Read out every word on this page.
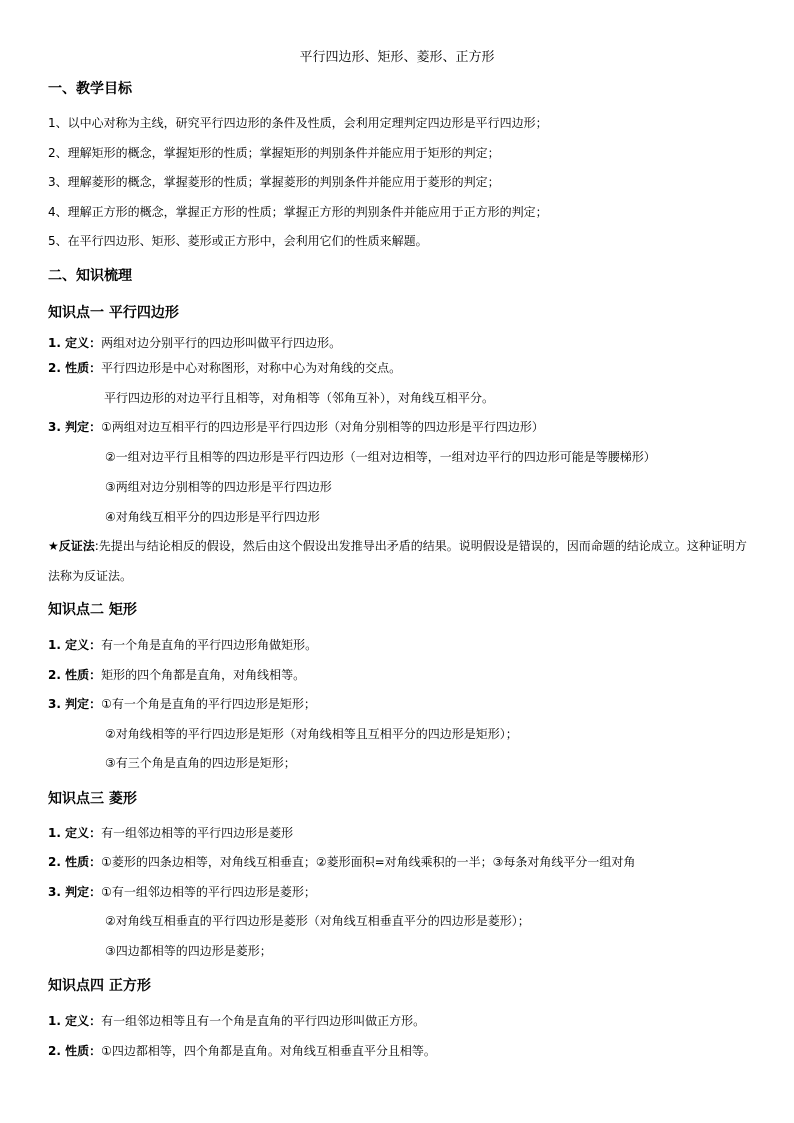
平行四边形、矩形、菱形、正方形
一、教学目标
1、以中心对称为主线，研究平行四边形的条件及性质，会利用定理判定四边形是平行四边形；
2、理解矩形的概念，掌握矩形的性质；掌握矩形的判别条件并能应用于矩形的判定；
3、理解菱形的概念，掌握菱形的性质；掌握菱形的判别条件并能应用于菱形的判定；
4、理解正方形的概念，掌握正方形的性质；掌握正方形的判别条件并能应用于正方形的判定；
5、在平行四边形、矩形、菱形或正方形中，会利用它们的性质来解题。
二、知识梳理
知识点一 平行四边形
1. 定义：两组对边分别平行的四边形叫做平行四边形。
2. 性质：平行四边形是中心对称图形，对称中心为对角线的交点。
平行四边形的对边平行且相等，对角相等（邻角互补），对角线互相平分。
3. 判定：①两组对边互相平行的四边形是平行四边形（对角分别相等的四边形是平行四边形）
②一组对边平行且相等的四边形是平行四边形（一组对边相等，一组对边平行的四边形可能是等腰梯形）
③两组对边分别相等的四边形是平行四边形
④对角线互相平分的四边形是平行四边形
★反证法:先提出与结论相反的假设，然后由这个假设出发推导出矛盾的结果。说明假设是错误的，因而命题的结论成立。这种证明方法称为反证法。
知识点二 矩形
1. 定义：有一个角是直角的平行四边形角做矩形。
2. 性质：矩形的四个角都是直角，对角线相等。
3. 判定：①有一个角是直角的平行四边形是矩形；
②对角线相等的平行四边形是矩形（对角线相等且互相平分的四边形是矩形）；
③有三个角是直角的四边形是矩形；
知识点三 菱形
1. 定义：有一组邻边相等的平行四边形是菱形
2. 性质：①菱形的四条边相等，对角线互相垂直；②菱形面积=对角线乘积的一半；③每条对角线平分一组对角
3. 判定：①有一组邻边相等的平行四边形是菱形；
②对角线互相垂直的平行四边形是菱形（对角线互相垂直平分的四边形是菱形）；
③四边都相等的四边形是菱形；
知识点四 正方形
1. 定义：有一组邻边相等且有一个角是直角的平行四边形叫做正方形。
2. 性质：①四边都相等，四个角都是直角。对角线互相垂直平分且相等。
